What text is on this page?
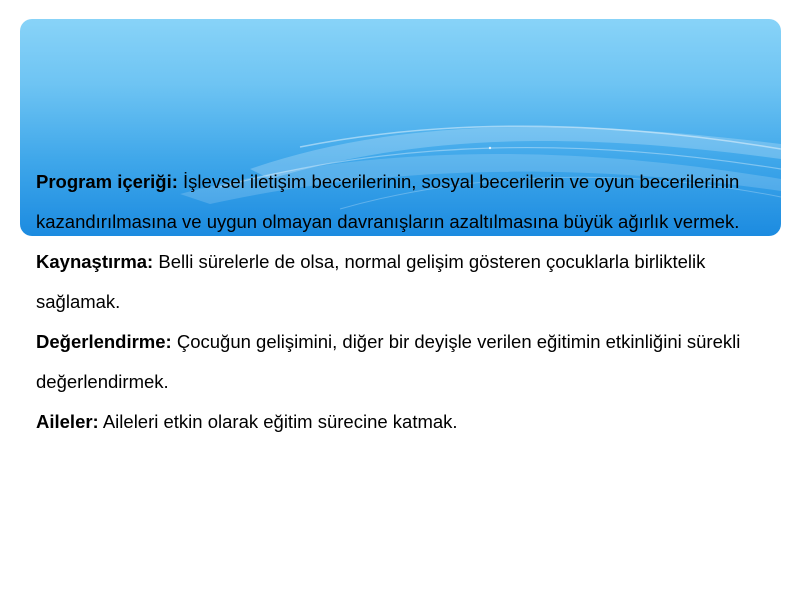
Program içeriği: İşlevsel iletişim becerilerinin, sosyal becerilerin ve oyun becerilerinin kazandırılmasına ve uygun olmayan davranışların azaltılmasına büyük ağırlık vermek.

Kaynaştırma: Belli sürelerle de olsa, normal gelişim gösteren çocuklarla birliktelik sağlamak.

Değerlendirme: Çocuğun gelişimini, diğer bir deyişle verilen eğitimin etkinliğini sürekli değerlendirmek.

Aileler: Aileleri etkin olarak eğitim sürecine katmak.
